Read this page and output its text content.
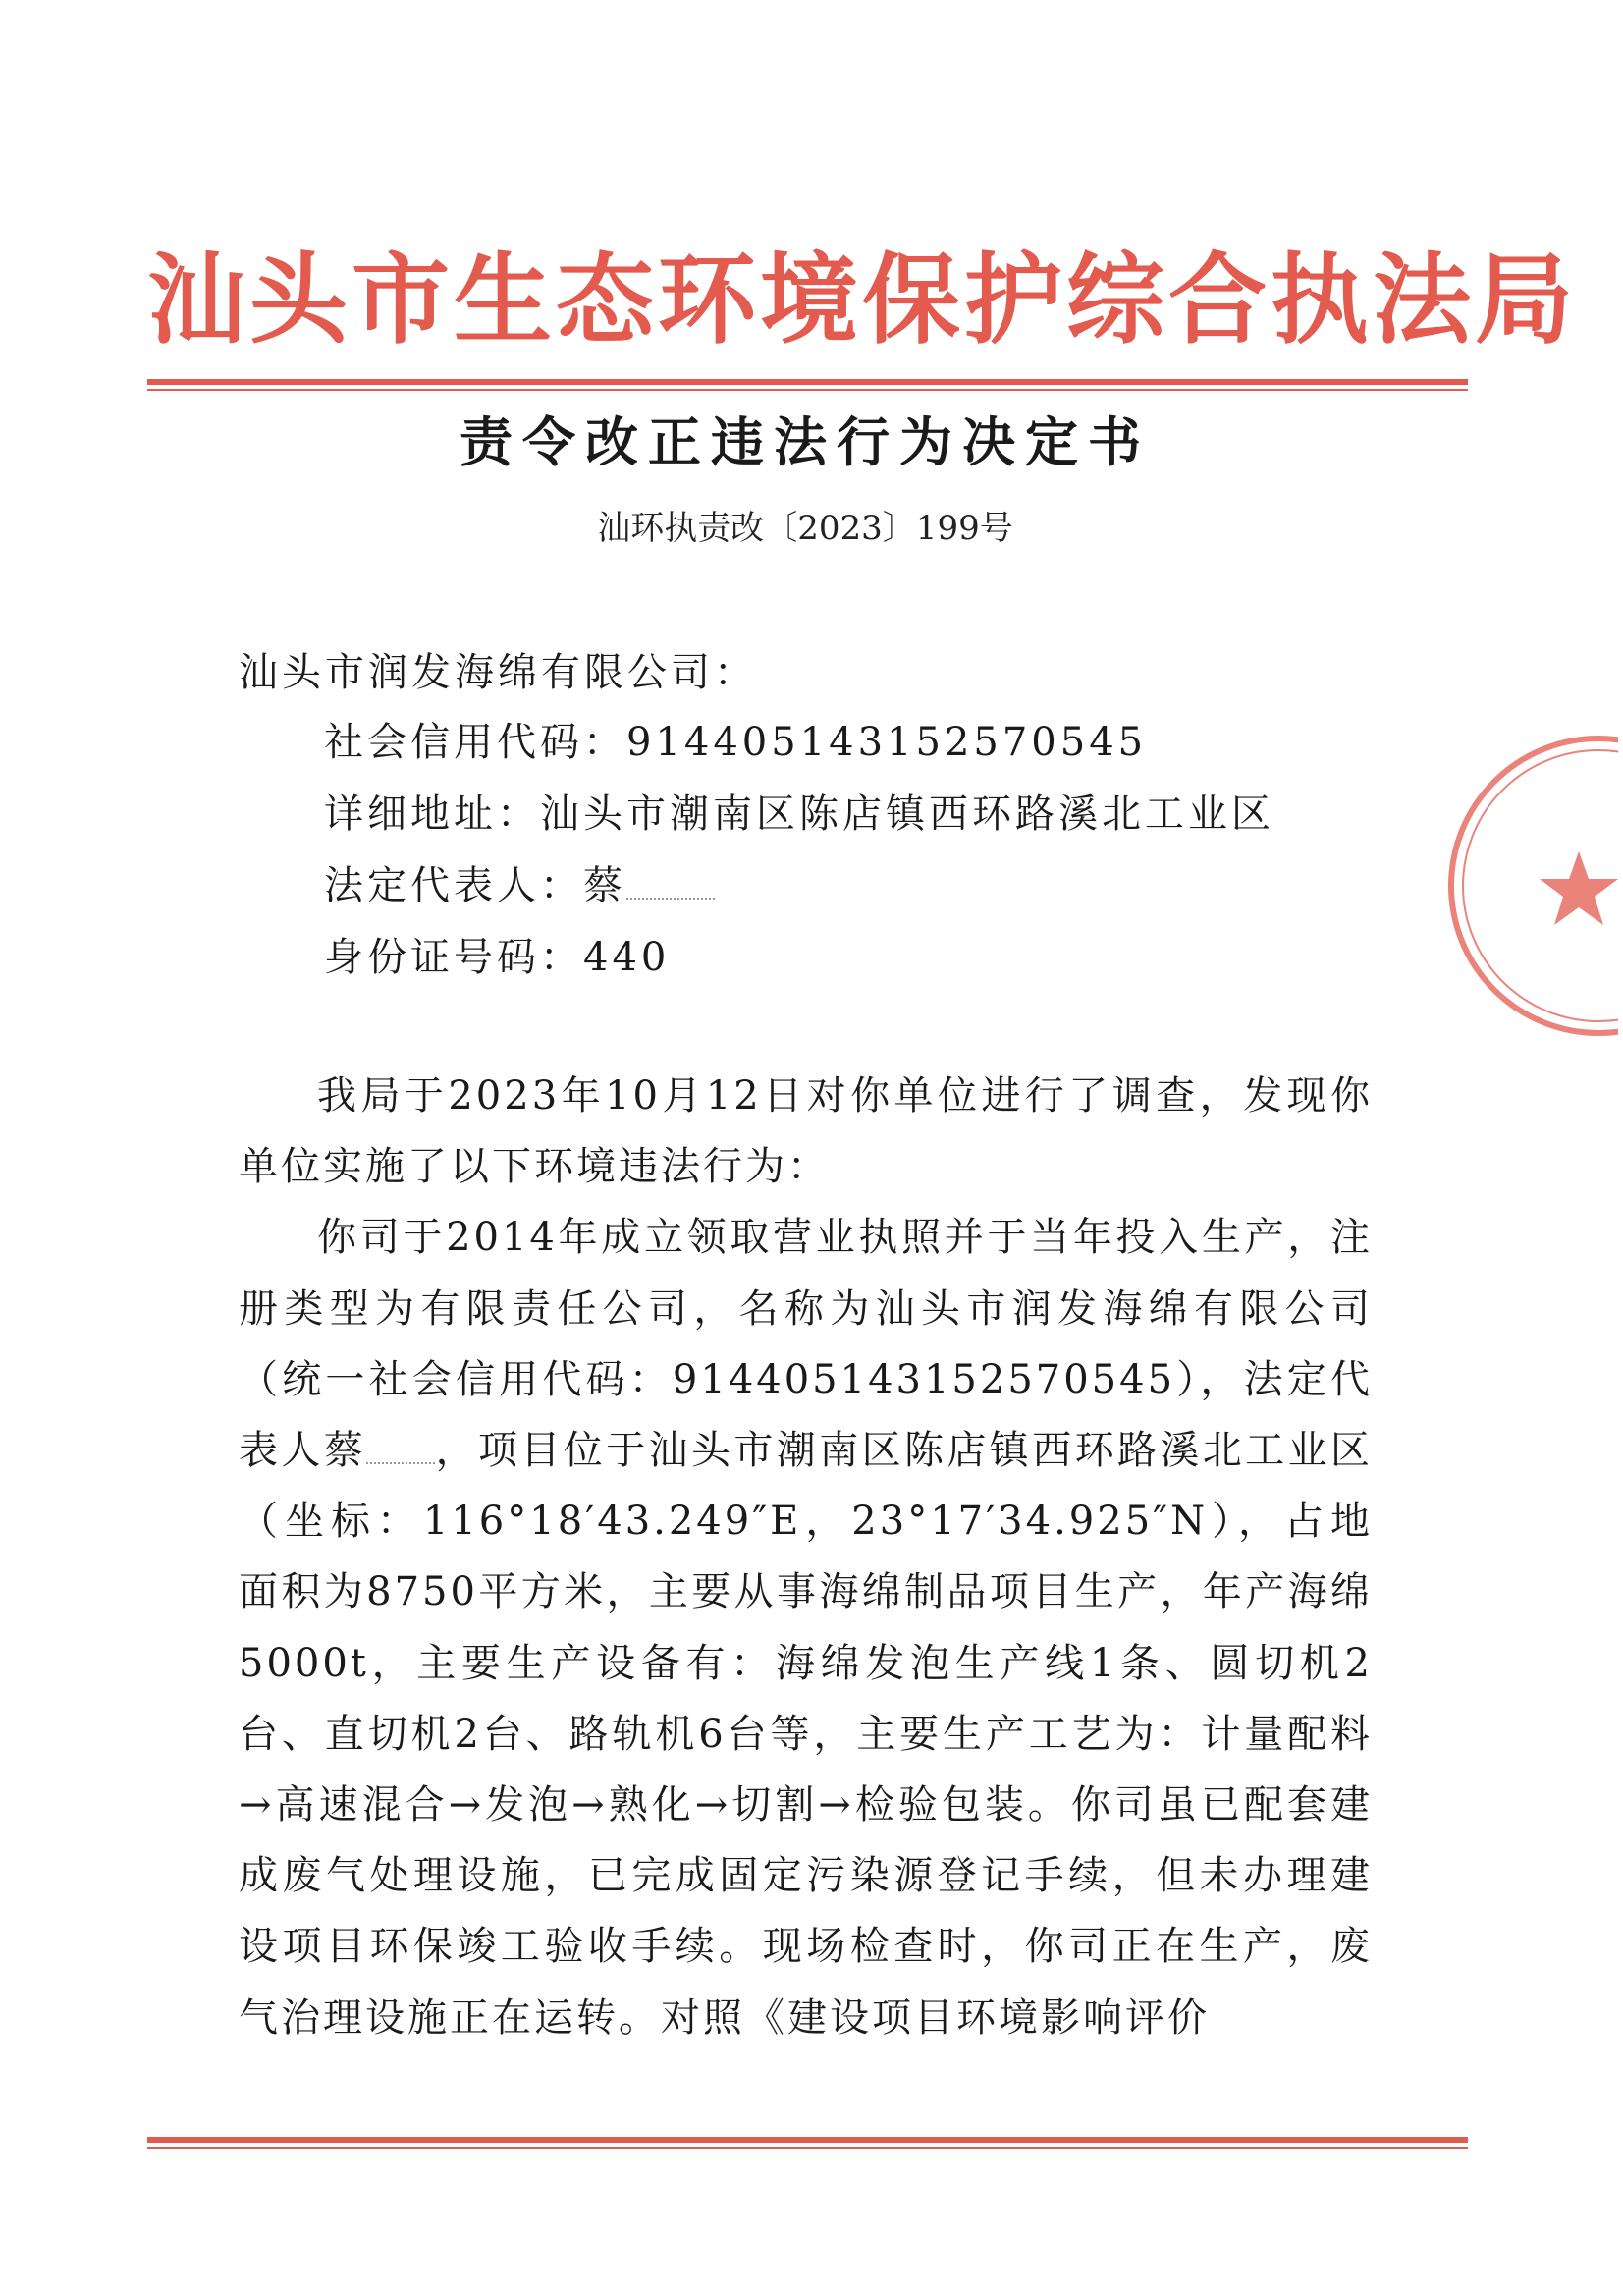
汕头市生态环境保护综合执法局
责令改正违法行为决定书
汕环执责改〔2023〕199号
汕头市润发海绵有限公司：
社会信用代码：914405143152570545
详细地址：汕头市潮南区陈店镇西环路溪北工业区
法定代表人：蔡
身份证号码：440

我局于2023年10月12日对你单位进行了调查，发现你单位实施了以下环境违法行为：

你司于2014年成立领取营业执照并于当年投入生产，注册类型为有限责任公司，名称为汕头市润发海绵有限公司（统一社会信用代码：914405143152570545），法定代表人蔡 ，项目位于汕头市潮南区陈店镇西环路溪北工业区（坐标：116°18′43.249″E，23°17′34.925″N），占地面积为8750平方米，主要从事海绵制品项目生产，年产海绵5000t，主要生产设备有：海绵发泡生产线1条、圆切机2台、直切机2台、路轨机6台等，主要生产工艺为：计量配料→高速混合→发泡→熟化→切割→检验包装。你司虽已配套建成废气处理设施，已完成固定污染源登记手续，但未办理建设项目环保竣工验收手续。现场检查时，你司正在生产，废气治理设施正在运转。对照《建设项目环境影响评价
